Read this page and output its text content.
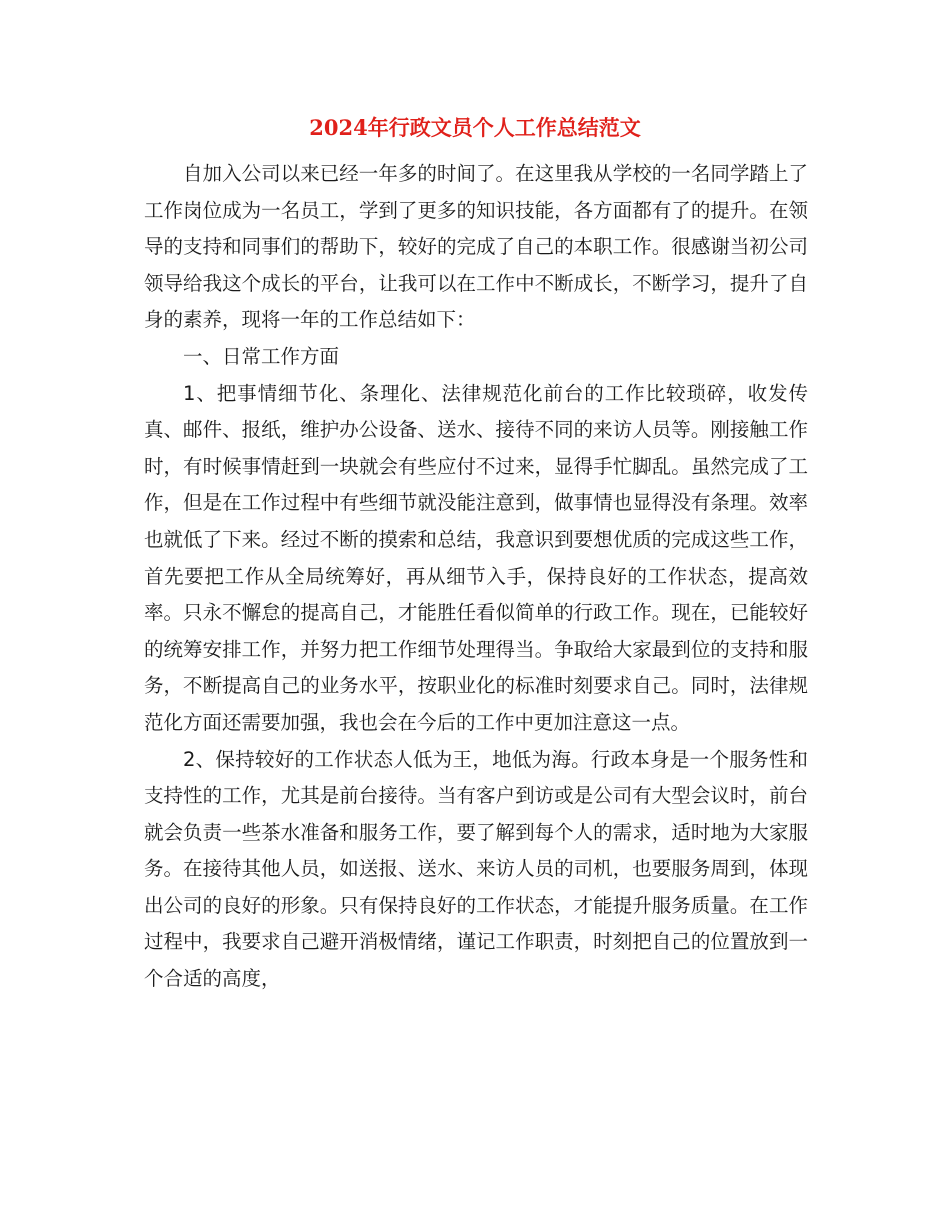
2024年行政文员个人工作总结范文

自加入公司以来已经一年多的时间了。在这里我从学校的一名同学踏上了工作岗位成为一名员工，学到了更多的知识技能，各方面都有了的提升。在领导的支持和同事们的帮助下，较好的完成了自己的本职工作。很感谢当初公司领导给我这个成长的平台，让我可以在工作中不断成长，不断学习，提升了自身的素养，现将一年的工作总结如下：

一、日常工作方面

1、把事情细节化、条理化、法律规范化前台的工作比较琐碎，收发传真、邮件、报纸，维护办公设备、送水、接待不同的来访人员等。刚接触工作时，有时候事情赶到一块就会有些应付不过来，显得手忙脚乱。虽然完成了工作，但是在工作过程中有些细节就没能注意到，做事情也显得没有条理。效率也就低了下来。经过不断的摸索和总结，我意识到要想优质的完成这些工作，首先要把工作从全局统筹好，再从细节入手，保持良好的工作状态，提高效率。只永不懈怠的提高自己，才能胜任看似简单的行政工作。现在，已能较好的统筹安排工作，并努力把工作细节处理得当。争取给大家最到位的支持和服务，不断提高自己的业务水平，按职业化的标准时刻要求自己。同时，法律规范化方面还需要加强，我也会在今后的工作中更加注意这一点。

2、保持较好的工作状态人低为王，地低为海。行政本身是一个服务性和支持性的工作，尤其是前台接待。当有客户到访或是公司有大型会议时，前台就会负责一些茶水准备和服务工作，要了解到每个人的需求，适时地为大家服务。在接待其他人员，如送报、送水、来访人员的司机，也要服务周到，体现出公司的良好的形象。只有保持良好的工作状态，才能提升服务质量。在工作过程中，我要求自己避开消极情绪，谨记工作职责，时刻把自己的位置放到一个合适的高度，
